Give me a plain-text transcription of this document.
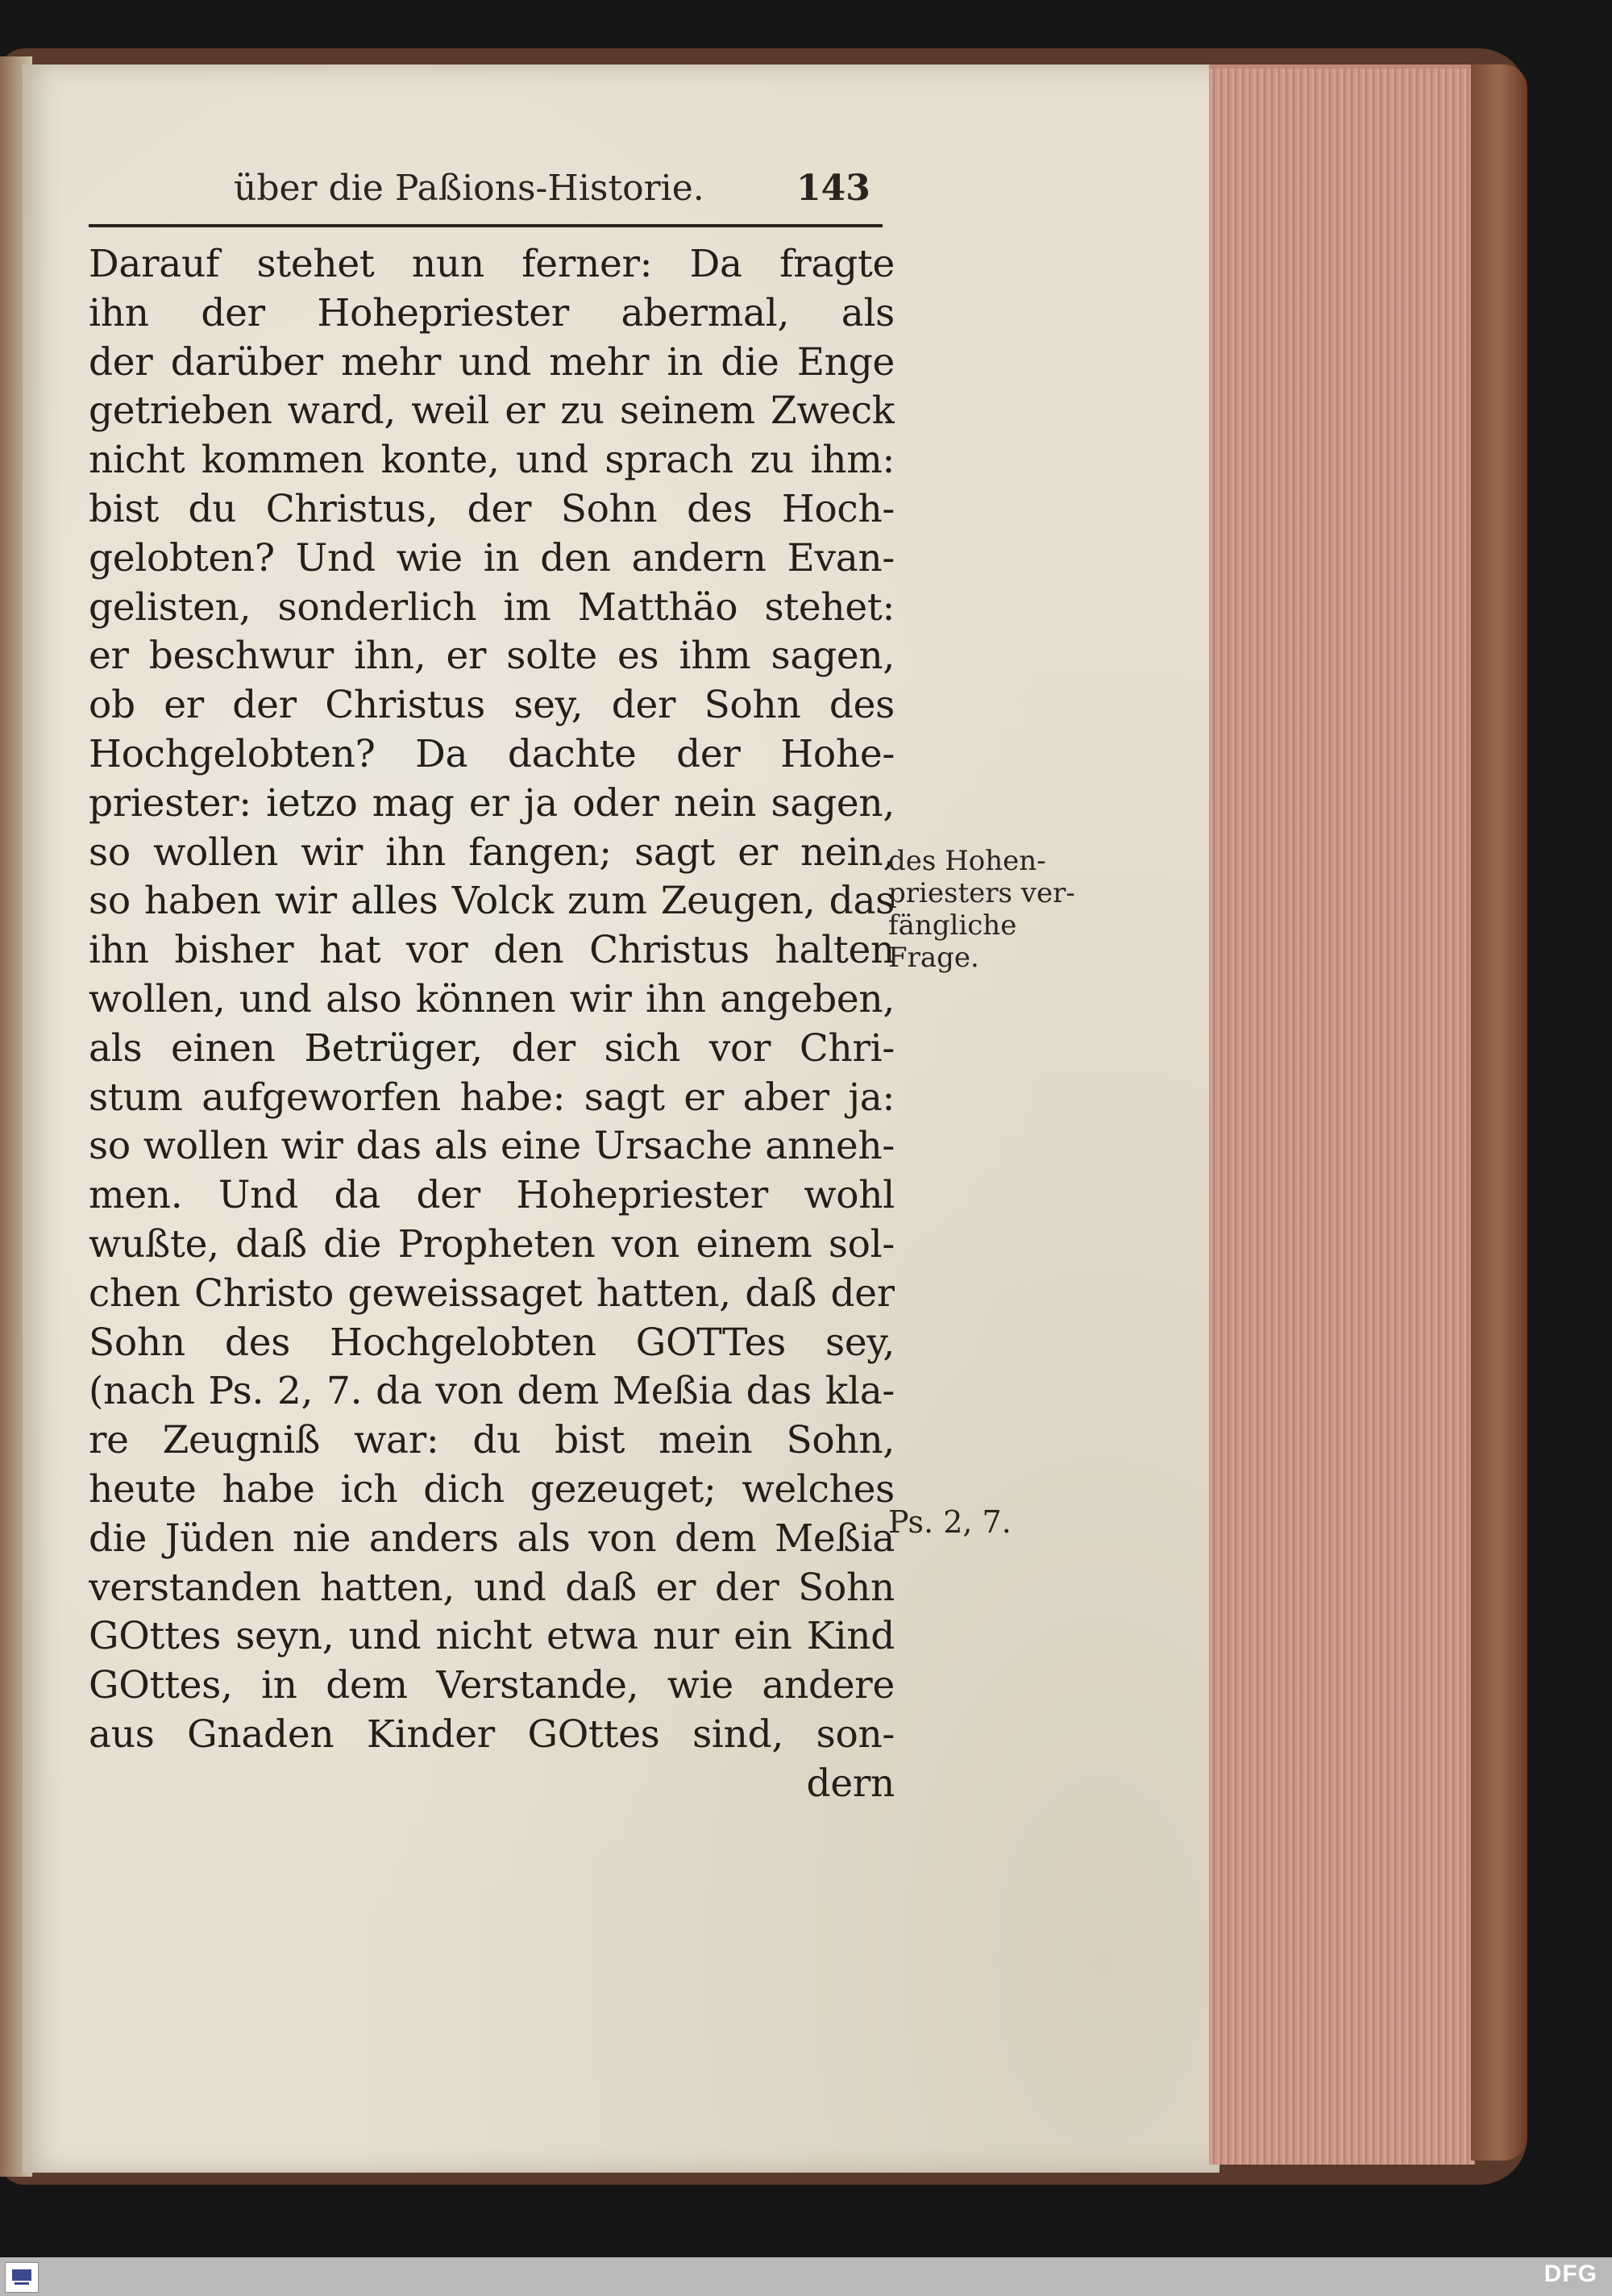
über die Paßions-Historie.	143
Darauf stehet nun ferner: Da fragte
ihn der Hohepriester abermal, als
der darüber mehr und mehr in die Enge
getrieben ward, weil er zu seinem Zweck
nicht kommen konte, und sprach zu ihm:
bist du Christus, der Sohn des Hoch-
gelobten? Und wie in den andern Evan-
gelisten, sonderlich im Matthäo stehet:
er beschwur ihn, er solte es ihm sagen,
ob er der Christus sey, der Sohn des
Hochgelobten? Da dachte der Hohe-
priester: ietzo mag er ja oder nein sagen,
so wollen wir ihn fangen; sagt er nein,
so haben wir alles Volck zum Zeugen, das
ihn bisher hat vor den Christus halten
wollen, und also können wir ihn angeben,
als einen Betrüger, der sich vor Chri-
stum aufgeworfen habe: sagt er aber ja:
so wollen wir das als eine Ursache anneh-
men. Und da der Hohepriester wohl
wußte, daß die Propheten von einem sol-
chen Christo geweissaget hatten, daß der
Sohn des Hochgelobten GOTTes sey,
(nach Ps. 2, 7. da von dem Meßia das kla-
re Zeugniß war: du bist mein Sohn,
heute habe ich dich gezeuget; welches
die Jüden nie anders als von dem Meßia
verstanden hatten, und daß er der Sohn
GOttes seyn, und nicht etwa nur ein Kind
GOttes, in dem Verstande, wie andere
aus Gnaden Kinder GOttes sind, son-
dern
des Hohen-
priesters ver-
fängliche
Frage.
Ps. 2, 7.
DFG
